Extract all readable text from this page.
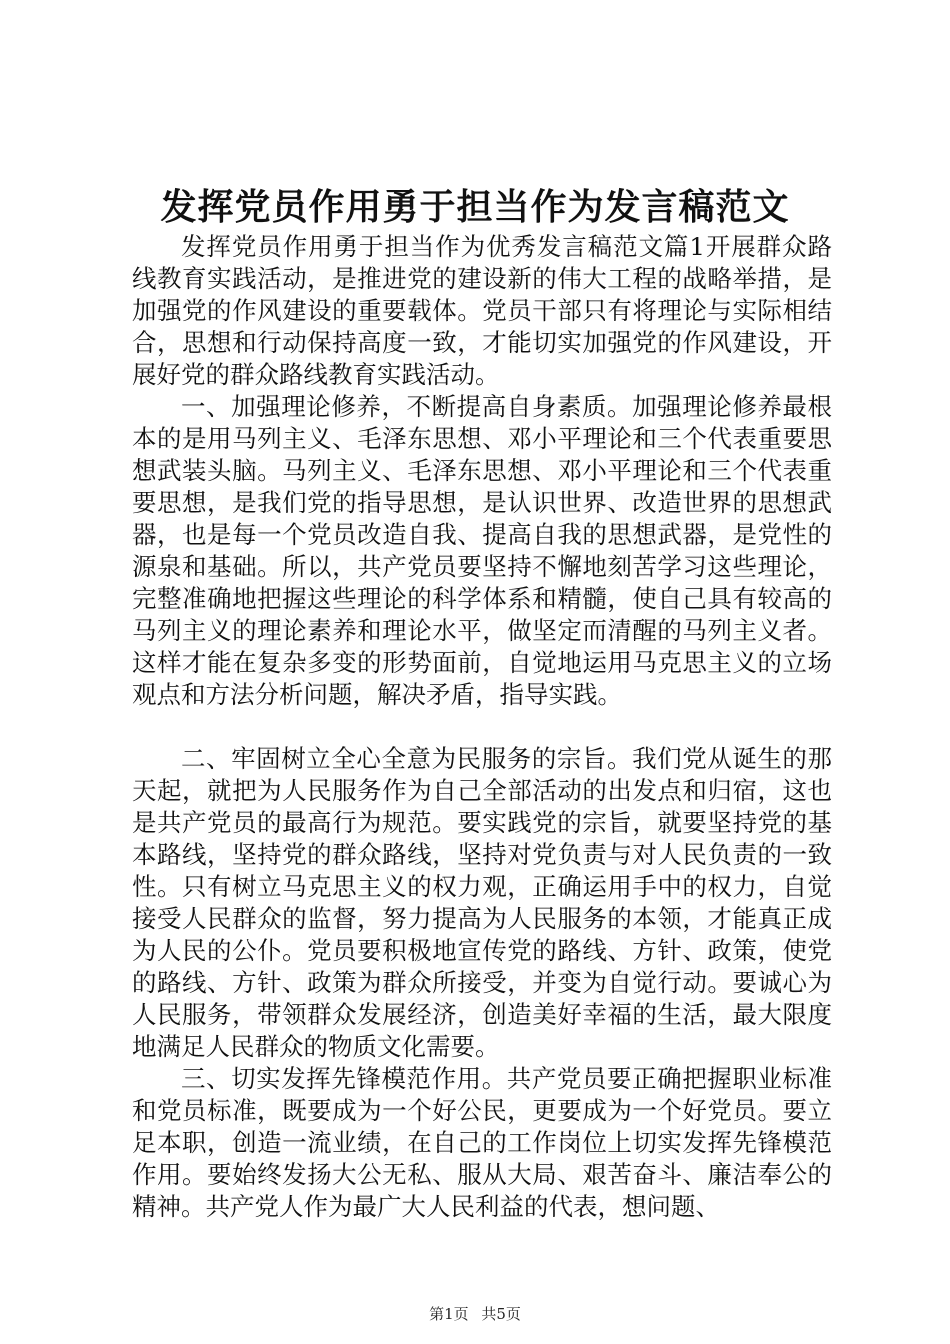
发挥党员作用勇于担当作为发言稿范文

发挥党员作用勇于担当作为优秀发言稿范文篇1开展群众路线教育实践活动，是推进党的建设新的伟大工程的战略举措，是加强党的作风建设的重要载体。党员干部只有将理论与实际相结合，思想和行动保持高度一致，才能切实加强党的作风建设，开展好党的群众路线教育实践活动。

一、加强理论修养，不断提高自身素质。加强理论修养最根本的是用马列主义、毛泽东思想、邓小平理论和三个代表重要思想武装头脑。马列主义、毛泽东思想、邓小平理论和三个代表重要思想，是我们党的指导思想，是认识世界、改造世界的思想武器，也是每一个党员改造自我、提高自我的思想武器，是党性的源泉和基础。所以，共产党员要坚持不懈地刻苦学习这些理论，完整准确地把握这些理论的科学体系和精髓，使自己具有较高的马列主义的理论素养和理论水平，做坚定而清醒的马列主义者。这样才能在复杂多变的形势面前，自觉地运用马克思主义的立场观点和方法分析问题，解决矛盾，指导实践。

二、牢固树立全心全意为民服务的宗旨。我们党从诞生的那天起，就把为人民服务作为自己全部活动的出发点和归宿，这也是共产党员的最高行为规范。要实践党的宗旨，就要坚持党的基本路线，坚持党的群众路线，坚持对党负责与对人民负责的一致性。只有树立马克思主义的权力观，正确运用手中的权力，自觉接受人民群众的监督，努力提高为人民服务的本领，才能真正成为人民的公仆。党员要积极地宣传党的路线、方针、政策，使党的路线、方针、政策为群众所接受，并变为自觉行动。要诚心为人民服务，带领群众发展经济，创造美好幸福的生活，最大限度地满足人民群众的物质文化需要。

三、切实发挥先锋模范作用。共产党员要正确把握职业标准和党员标准，既要成为一个好公民，更要成为一个好党员。要立足本职，创造一流业绩，在自己的工作岗位上切实发挥先锋模范作用。要始终发扬大公无私、服从大局、艰苦奋斗、廉洁奉公的精神。共产党人作为最广大人民利益的代表，想问题、

第1页 共5页
